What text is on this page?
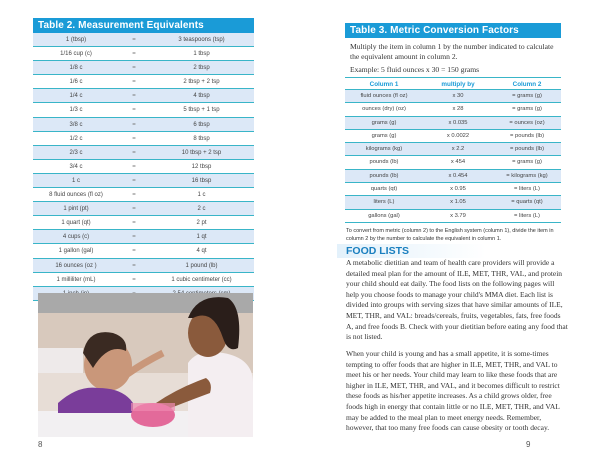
Table 2. Measurement Equivalents
1 (tbsp)	=	3 teaspoons (tsp)
1/16 cup (c)	=	1 tbsp
1/8 c	=	2 tbsp
1/6 c	=	2 tbsp + 2 tsp
1/4 c	=	4 tbsp
1/3 c	=	5 tbsp + 1 tsp
3/8 c	=	6 tbsp
1/2 c	=	8 tbsp
2/3 c	=	10 tbsp + 2 tsp
3/4 c	=	12 tbsp
1 c	=	16 tbsp
8 fluid ounces (fl oz)	=	1 c
1 pint (pt)	=	2 c
1 quart (qt)	=	2 pt
4 cups (c)	=	1 qt
1 gallon (gal)	=	4 qt
16 ounces (oz )	=	1 pound (lb)
1 milliliter (mL)	=	1 cubic centimeter (cc)
8
Table 3. Metric Conversion Factors
Multiply the item in column 1 by the number indicated to calculate the equivalent amount in column 2.
Example: 5 fluid ounces x 30 = 150 grams
Column 1	multiply by	Column 2
fluid ounces (fl oz)	x 30	= grams (g)
ounces (dry) (oz)	x 28	= grams (g)
grams (g)	x 0.035	= ounces (oz)
grams (g)	x 0.0022	= pounds (lb)
kilograms (kg)	x 2.2	= pounds (lb)
pounds (lb)	x 454	= grams (g)
pounds (lb)	x 0.454	= kilograms (kg)
quarts (qt)	x 0.95	= liters (L)
liters (L)	x 1.05	= quarts (qt)
gallons (gal)	x 3.79	= liters (L)
To convert from metric (column 2) to the English system (column 1), divide the item in column 2 by the number to calculate the equivalent in column 1.
FOOD LISTS
A metabolic dietitian and team of health care providers will provide a detailed meal plan for the amount of ILE, MET, THR, VAL, and protein your child should eat daily. The food lists on the following pages will help you choose foods to manage your child's MMA diet. Each list is divided into groups with serving sizes that have similar amounts of ILE, MET, THR, and VAL: breads/cereals, fruits, vegetables, fats, free foods A, and free foods B. Check with your dietitian before eating any food that is not listed.
When your child is young and has a small appetite, it is some-times tempting to offer foods that are higher in ILE, MET, THR, and VAL to meet his or her needs. Your child may learn to like these foods that are higher in ILE, MET, THR, and VAL, and it becomes difficult to restrict these foods as his/her appetite increases. As a child grows older, free foods high in energy that contain little or no ILE, MET, THR, and VAL may be added to the meal plan to meet energy needs. Remember, however, that too many free foods can cause obesity or tooth decay.
9
